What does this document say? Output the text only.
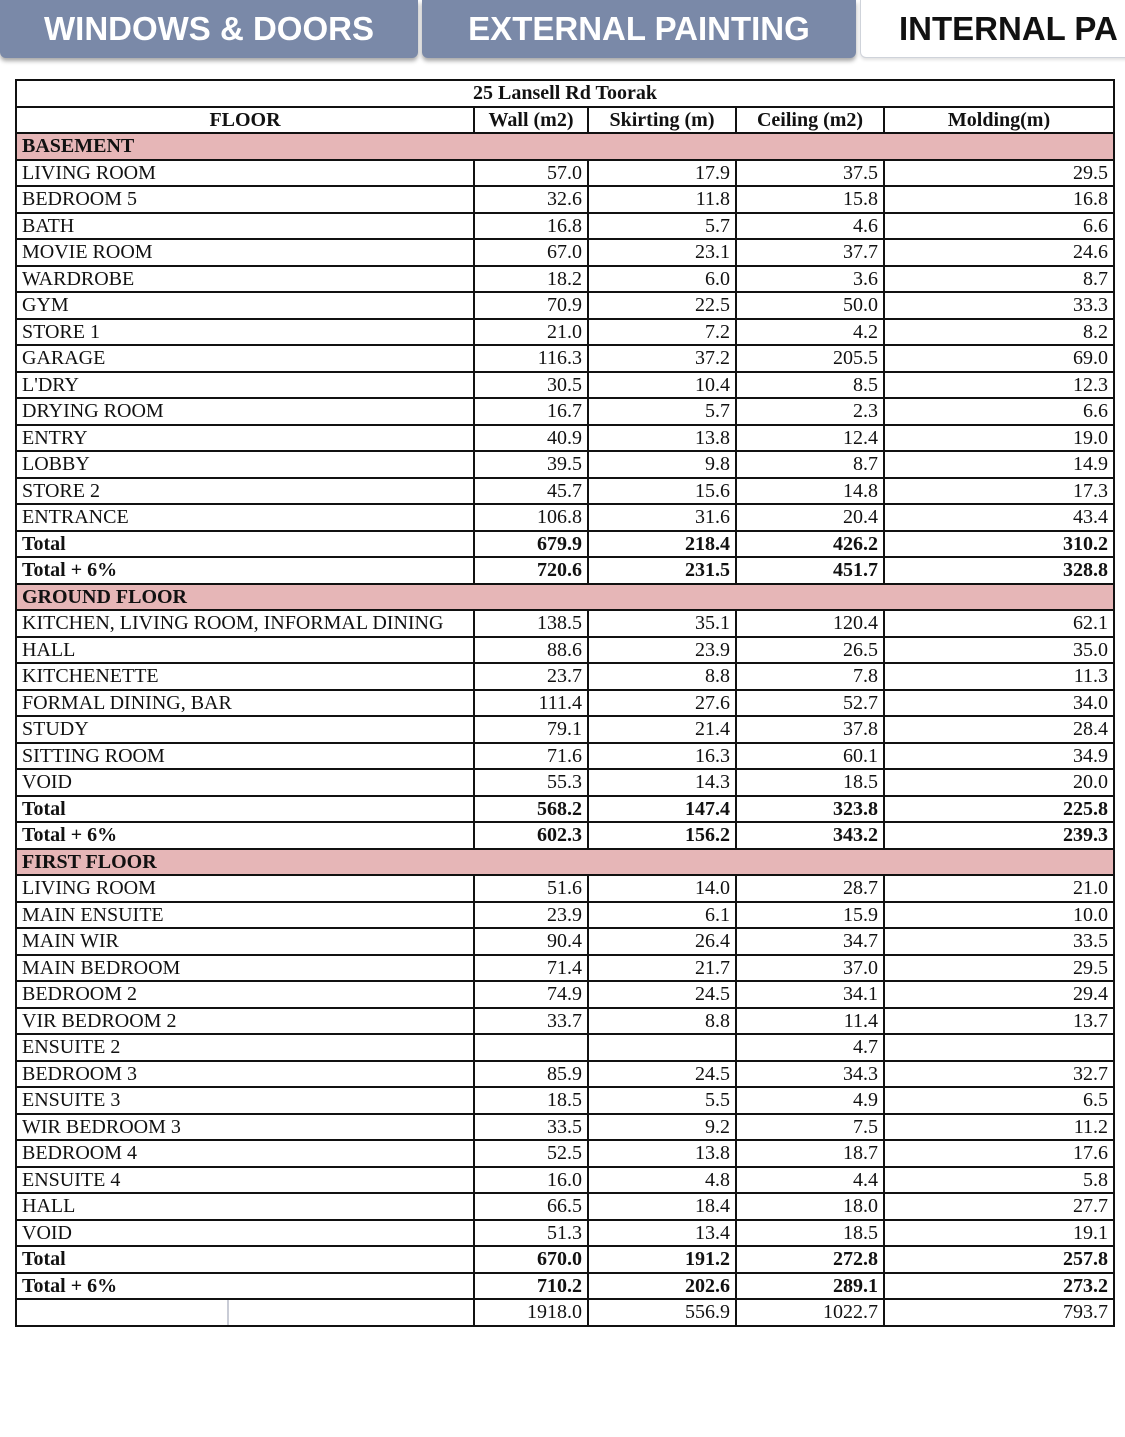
WINDOWS & DOORS	EXTERNAL PAINTING	INTERNAL PA
25 Lansell Rd Toorak				
FLOOR	Wall (m2)	Skirting (m)	Ceiling (m2)	Molding(m)
BASEMENT				
LIVING ROOM	57.0	17.9	37.5	29.5
BEDROOM 5	32.6	11.8	15.8	16.8
BATH	16.8	5.7	4.6	6.6
MOVIE ROOM	67.0	23.1	37.7	24.6
WARDROBE	18.2	6.0	3.6	8.7
GYM	70.9	22.5	50.0	33.3
STORE 1	21.0	7.2	4.2	8.2
GARAGE	116.3	37.2	205.5	69.0
L'DRY	30.5	10.4	8.5	12.3
DRYING ROOM	16.7	5.7	2.3	6.6
ENTRY	40.9	13.8	12.4	19.0
LOBBY	39.5	9.8	8.7	14.9
STORE 2	45.7	15.6	14.8	17.3
ENTRANCE	106.8	31.6	20.4	43.4
Total	679.9	218.4	426.2	310.2
Total + 6%	720.6	231.5	451.7	328.8
GROUND FLOOR				
KITCHEN, LIVING ROOM, INFORMAL DINING	138.5	35.1	120.4	62.1
HALL	88.6	23.9	26.5	35.0
KITCHENETTE	23.7	8.8	7.8	11.3
FORMAL DINING, BAR	111.4	27.6	52.7	34.0
STUDY	79.1	21.4	37.8	28.4
SITTING ROOM	71.6	16.3	60.1	34.9
VOID	55.3	14.3	18.5	20.0
Total	568.2	147.4	323.8	225.8
Total + 6%	602.3	156.2	343.2	239.3
FIRST FLOOR				
LIVING ROOM	51.6	14.0	28.7	21.0
MAIN ENSUITE	23.9	6.1	15.9	10.0
MAIN WIR	90.4	26.4	34.7	33.5
MAIN BEDROOM	71.4	21.7	37.0	29.5
BEDROOM 2	74.9	24.5	34.1	29.4
VIR BEDROOM 2	33.7	8.8	11.4	13.7
ENSUITE 2			4.7	
BEDROOM 3	85.9	24.5	34.3	32.7
ENSUITE 3	18.5	5.5	4.9	6.5
WIR BEDROOM 3	33.5	9.2	7.5	11.2
BEDROOM 4	52.5	13.8	18.7	17.6
ENSUITE 4	16.0	4.8	4.4	5.8
HALL	66.5	18.4	18.0	27.7
VOID	51.3	13.4	18.5	19.1
Total	670.0	191.2	272.8	257.8
Total + 6%	710.2	202.6	289.1	273.2

	1918.0	556.9	1022.7	793.7
